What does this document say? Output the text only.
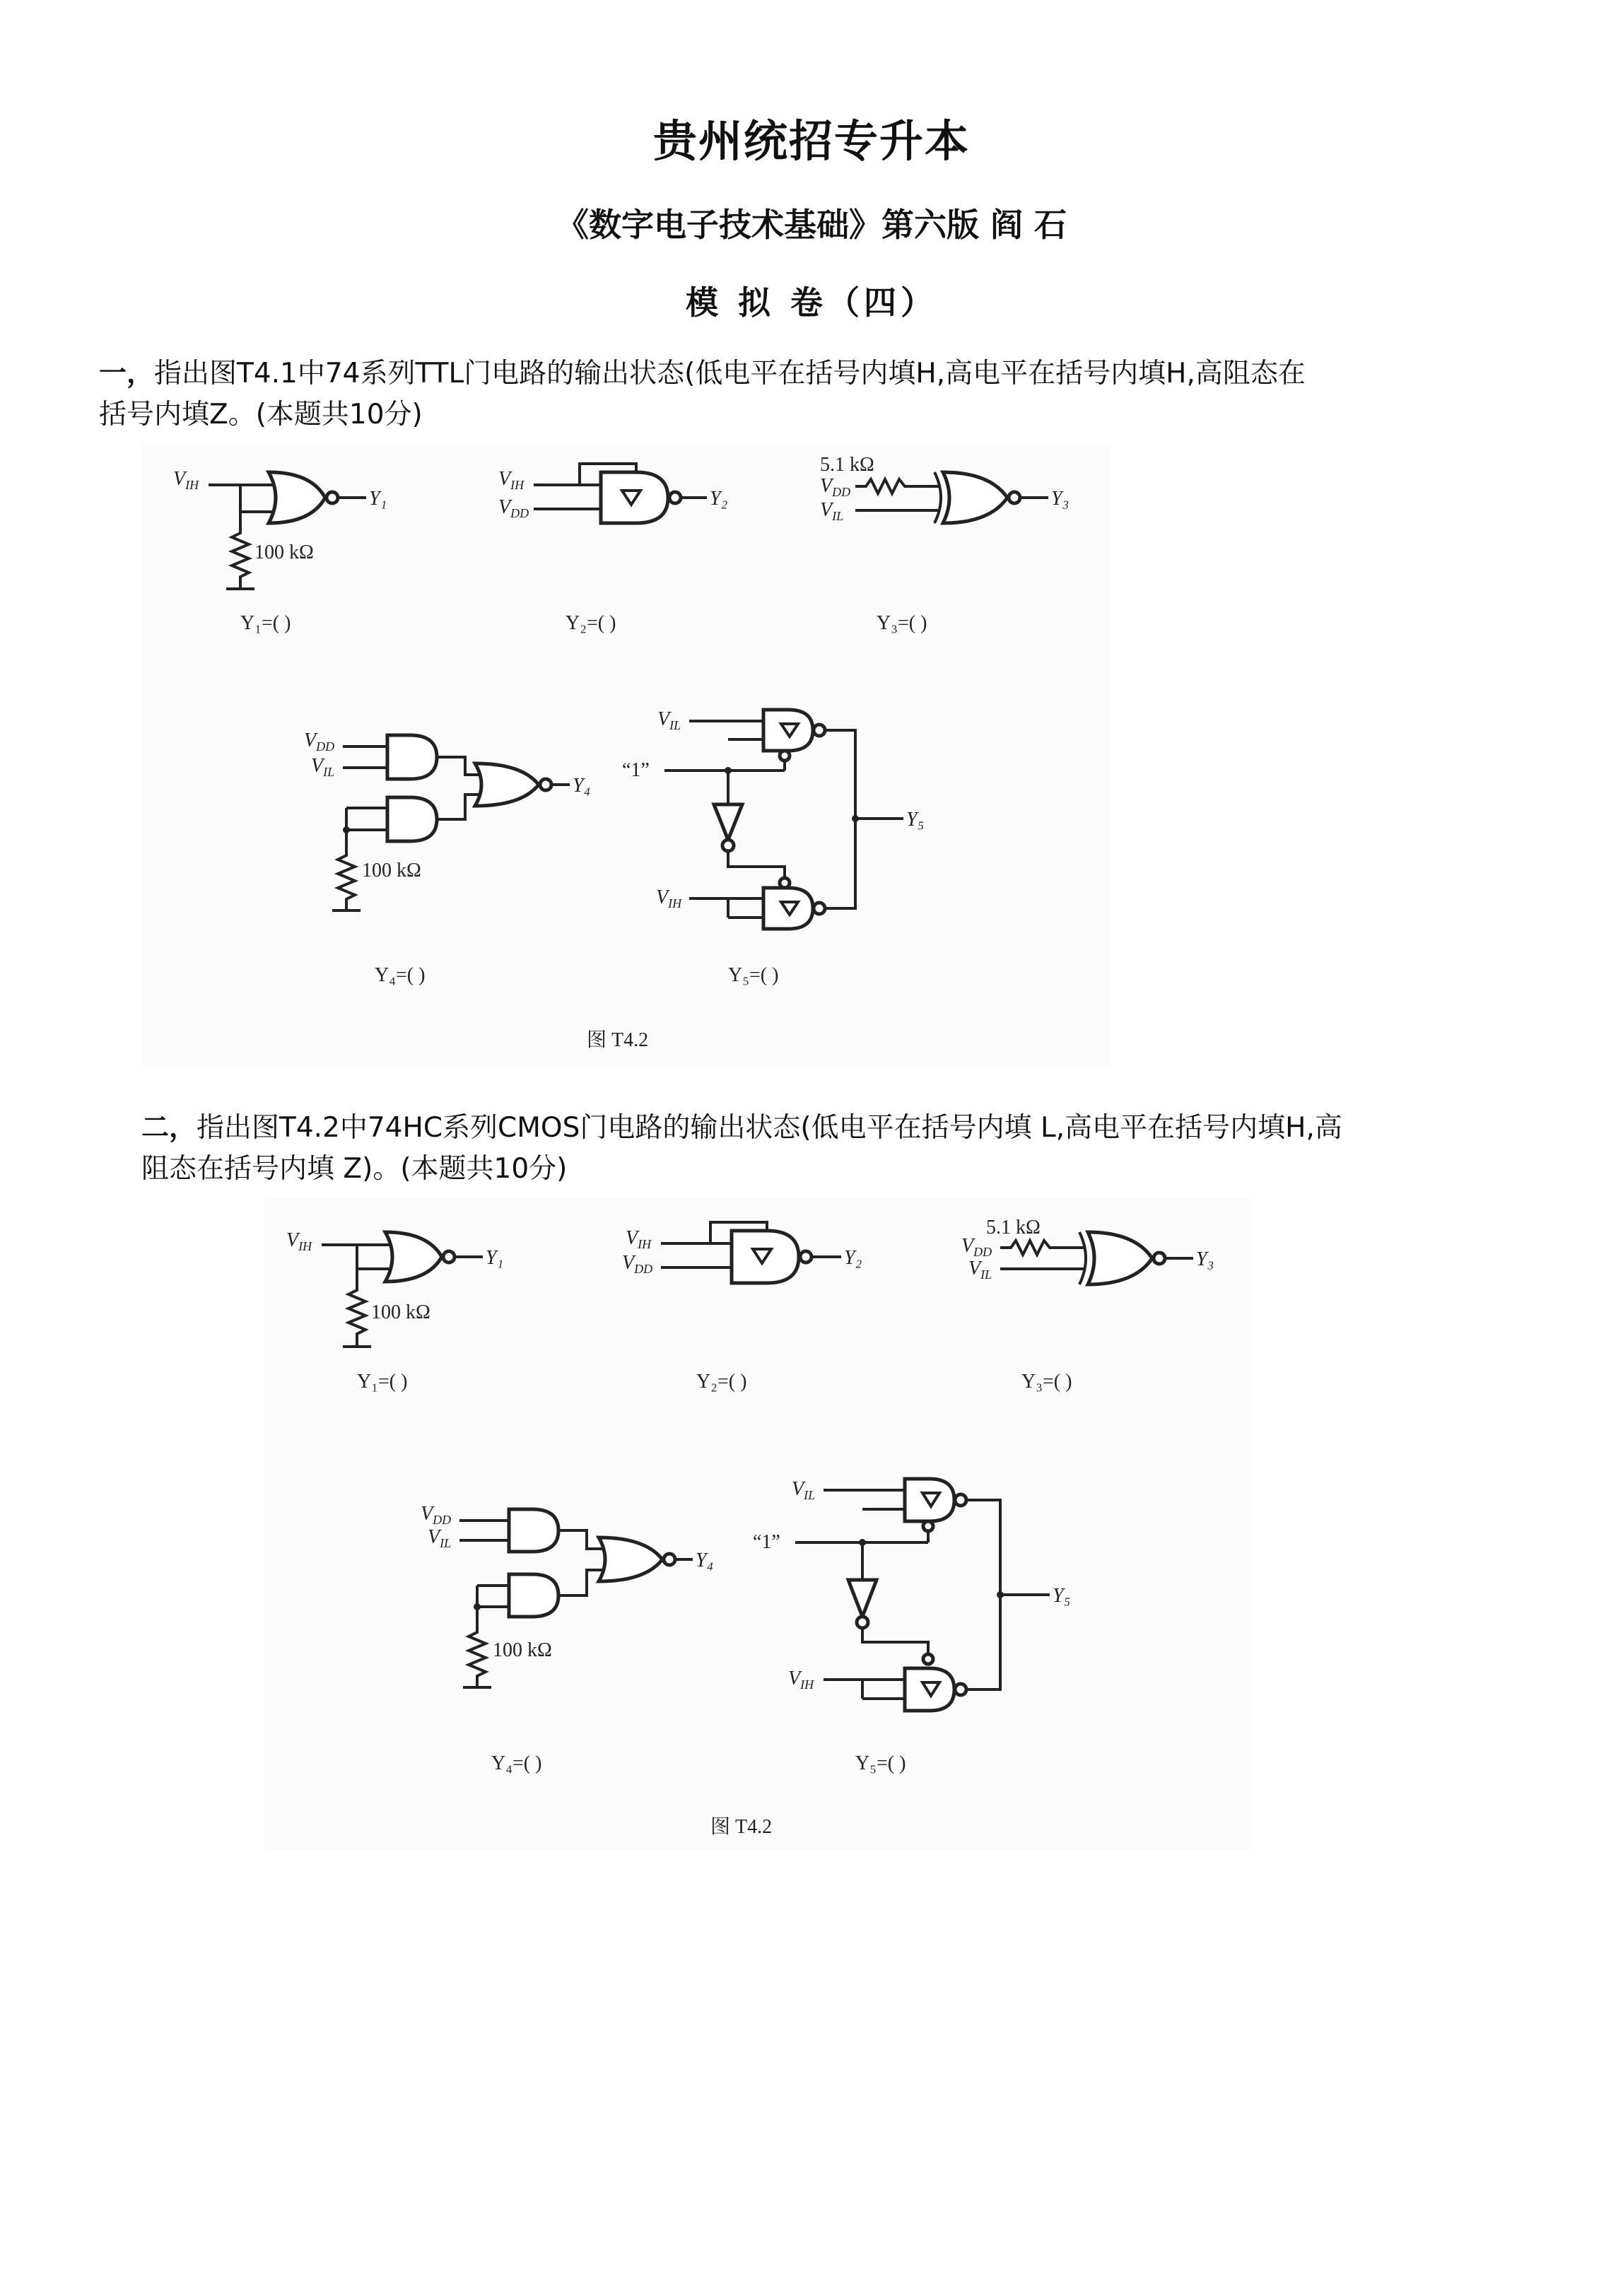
贵州统招专升本
《数字电子技术基础》第六版 阎 石
模 拟 卷（四）
一，指出图T4.1中74系列TTL门电路的输出状态(低电平在括号内填H,高电平在括号内填H,高阻态在括号内填Z。(本题共10分)
$V_{IH}$
Y₁
100 kΩ
Y₁=( )
$V_{IH}$
$V_{DD}$
Y₂
Y₂=( )
5.1 kΩ
$V_{DD}$
$V_{IL}$
Y₃
Y₃=( )
$V_{DD}$
$V_{IL}$
Y₄
100 kΩ
Y₄=( )
$V_{IL}$
“1”
$V_{IH}$
Y₅
Y₅=( )
图 T4.2
二，指出图T4.2中74HC系列CMOS门电路的输出状态(低电平在括号内填 L,高电平在括号内填H,高阻态在括号内填 Z)。(本题共10分)
$V_{IH}$
Y₁
100 kΩ
Y₁=( )
$V_{IH}$
$V_{DD}$	Y₂
Y₂=( )
5.1 kΩ
$V_{DD}$
$V_{IL}$
Y₃
Y₃=( )
$V_{DD}$
$V_{IL}$
Y₄
100 kΩ
Y₄=( )
$V_{IL}$
“1”
$V_{IH}$
Y₅
Y₅=( )
图 T4.2
